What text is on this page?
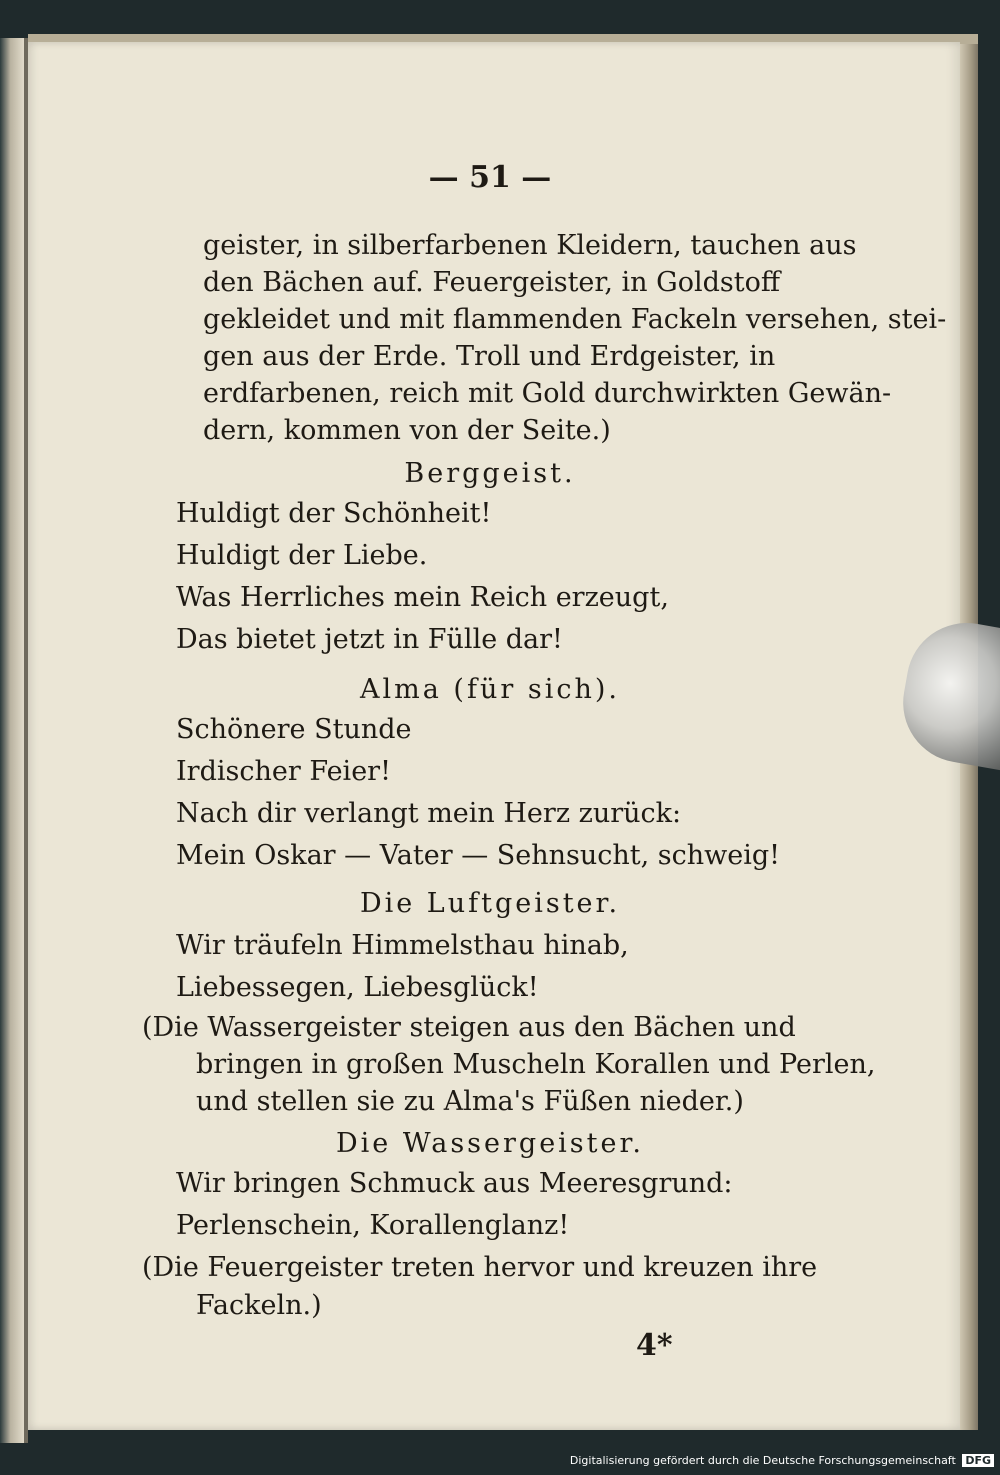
— 51 —
geister, in silberfarbenen Kleidern, tauchen aus
den Bächen auf. Feuergeister, in Goldstoff
gekleidet und mit flammenden Fackeln versehen, stei-
gen aus der Erde. Troll und Erdgeister, in
erdfarbenen, reich mit Gold durchwirkten Gewän-
dern, kommen von der Seite.)
Berggeist.
Huldigt der Schönheit!
Huldigt der Liebe.
Was Herrliches mein Reich erzeugt,
Das bietet jetzt in Fülle dar!
Alma (für sich).
Schönere Stunde
Irdischer Feier!
Nach dir verlangt mein Herz zurück:
Mein Oskar — Vater — Sehnsucht, schweig!
Die Luftgeister.
Wir träufeln Himmelsthau hinab,
Liebessegen, Liebesglück!
(Die Wassergeister steigen aus den Bächen und
bringen in großen Muscheln Korallen und Perlen,
und stellen sie zu Alma's Füßen nieder.)
Die Wassergeister.
Wir bringen Schmuck aus Meeresgrund:
Perlenschein, Korallenglanz!
(Die Feuergeister treten hervor und kreuzen ihre
Fackeln.)
4*
Digitalisierung gefördert durch die Deutsche Forschungsgemeinschaft DFG
